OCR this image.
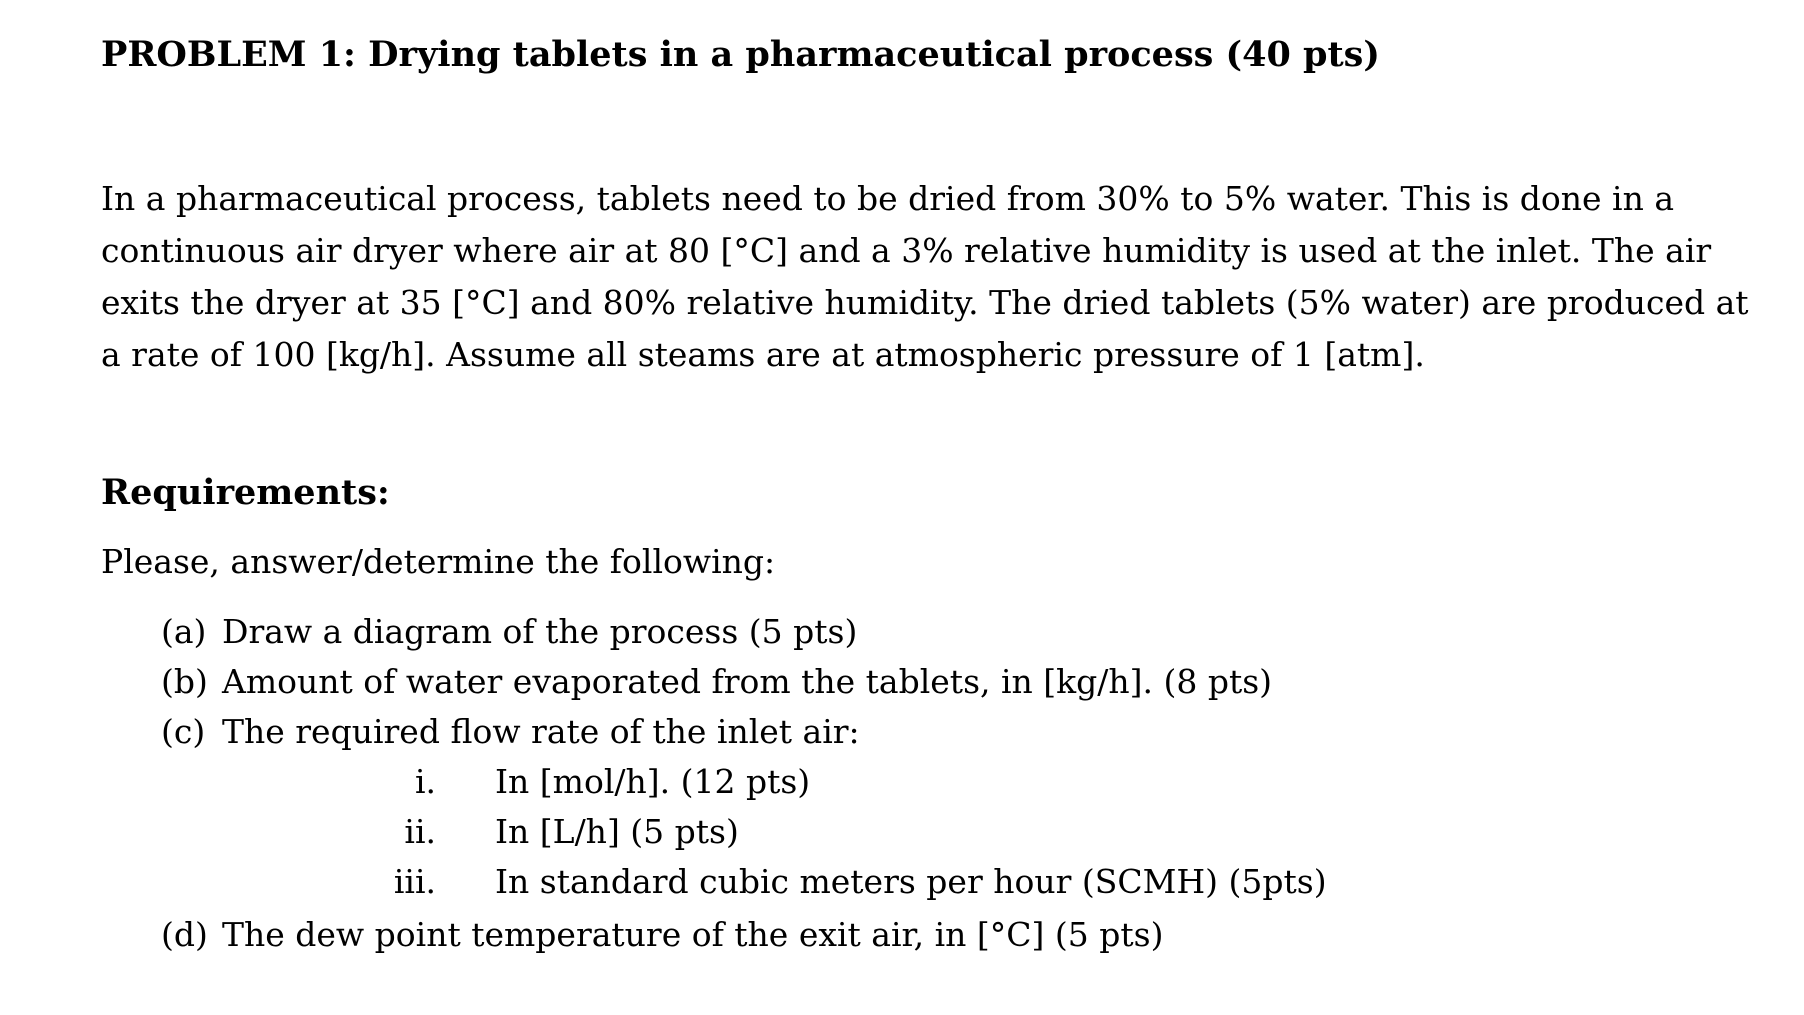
PROBLEM 1: Drying tablets in a pharmaceutical process (40 pts)
In a pharmaceutical process, tablets need to be dried from 30% to 5% water. This is done in a
continuous air dryer where air at 80 [°C] and a 3% relative humidity is used at the inlet. The air
exits the dryer at 35 [°C] and 80% relative humidity. The dried tablets (5% water) are produced at
a rate of 100 [kg/h]. Assume all steams are at atmospheric pressure of 1 [atm].
Requirements:
Please, answer/determine the following:
(a) Draw a diagram of the process (5 pts)
(b) Amount of water evaporated from the tablets, in [kg/h]. (8 pts)
(c) The required flow rate of the inlet air:
i. In [mol/h]. (12 pts)
ii. In [L/h] (5 pts)
iii. In standard cubic meters per hour (SCMH) (5pts)
(d) The dew point temperature of the exit air, in [°C] (5 pts)
